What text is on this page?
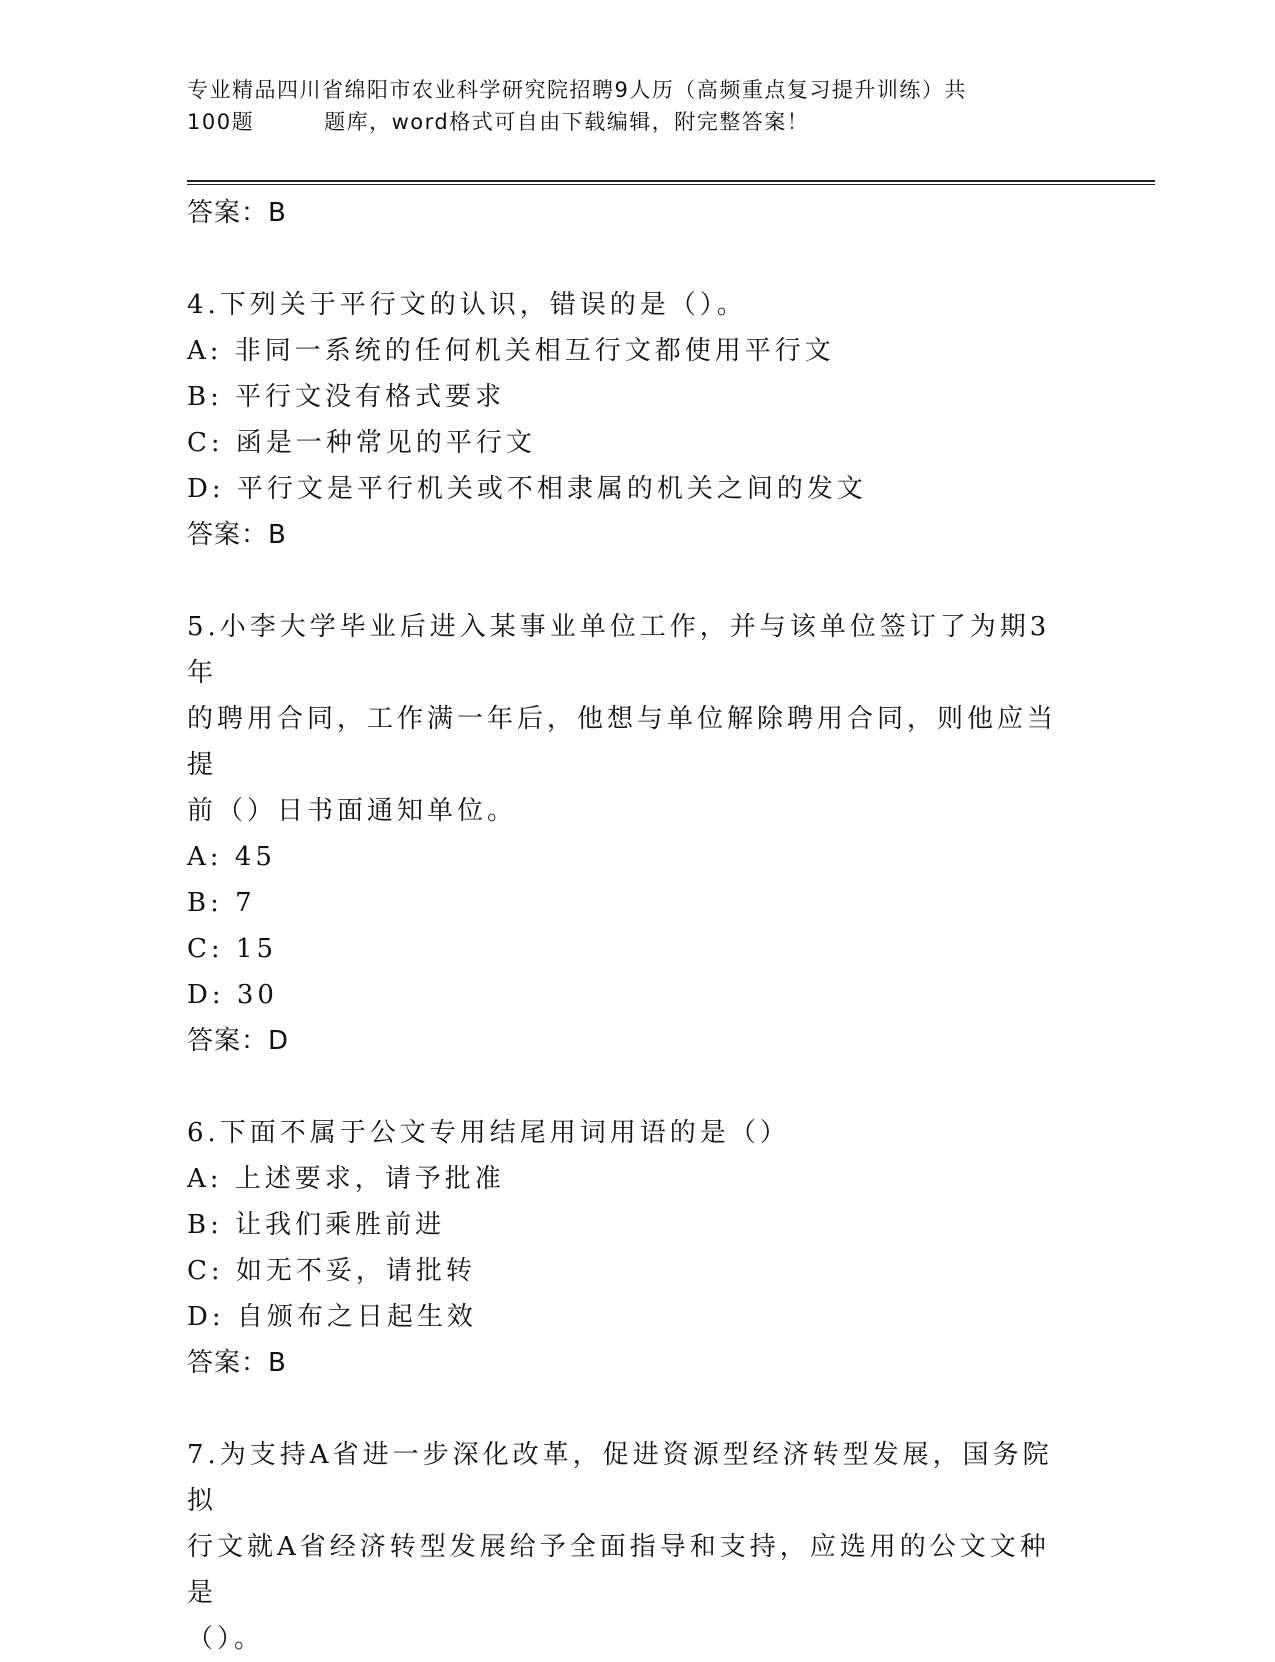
专业精品四川省绵阳市农业科学研究院招聘9人历（高频重点复习提升训练）共
100题	题库，word格式可自由下载编辑，附完整答案！
答案：B
4.下列关于平行文的认识，错误的是（）。
A: 非同一系统的任何机关相互行文都使用平行文
B: 平行文没有格式要求
C: 函是一种常见的平行文
D: 平行文是平行机关或不相隶属的机关之间的发文
答案：B
5.小李大学毕业后进入某事业单位工作，并与该单位签订了为期3年
的聘用合同，工作满一年后，他想与单位解除聘用合同，则他应当提
前（）日书面通知单位。
A: 45
B: 7
C: 15
D: 30
答案：D
6.下面不属于公文专用结尾用词用语的是（）
A: 上述要求，请予批准
B: 让我们乘胜前进
C: 如无不妥，请批转
D: 自颁布之日起生效
答案：B
7.为支持A省进一步深化改革，促进资源型经济转型发展，国务院拟
行文就A省经济转型发展给予全面指导和支持，应选用的公文文种是
（）。
